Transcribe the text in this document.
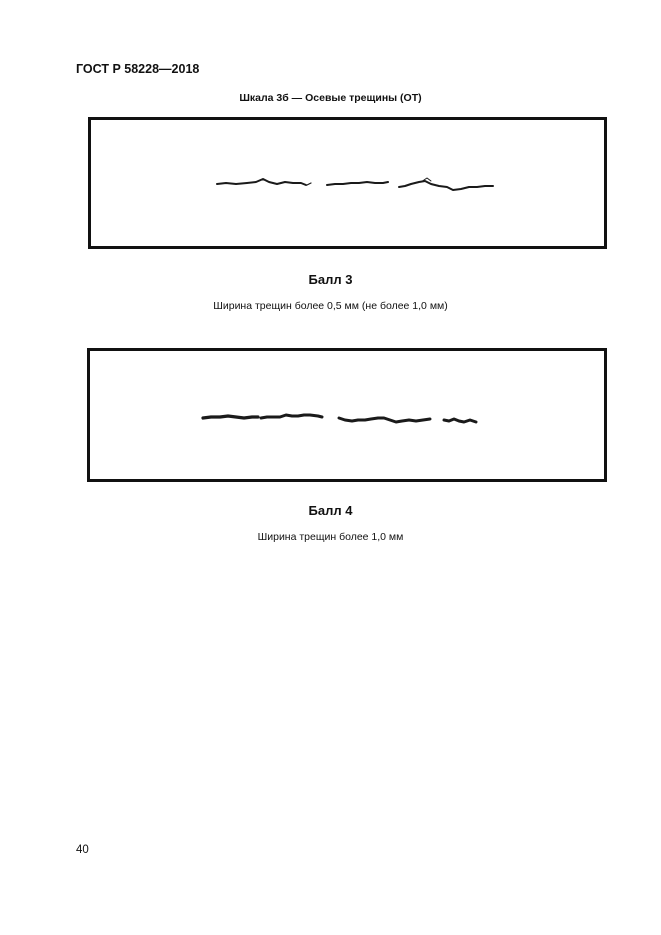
ГОСТ Р 58228—2018
Шкала 3б — Осевые трещины (ОТ)
Балл 3
Ширина трещин более 0,5 мм (не более 1,0 мм)
Балл 4
Ширина трещин более 1,0 мм
40
